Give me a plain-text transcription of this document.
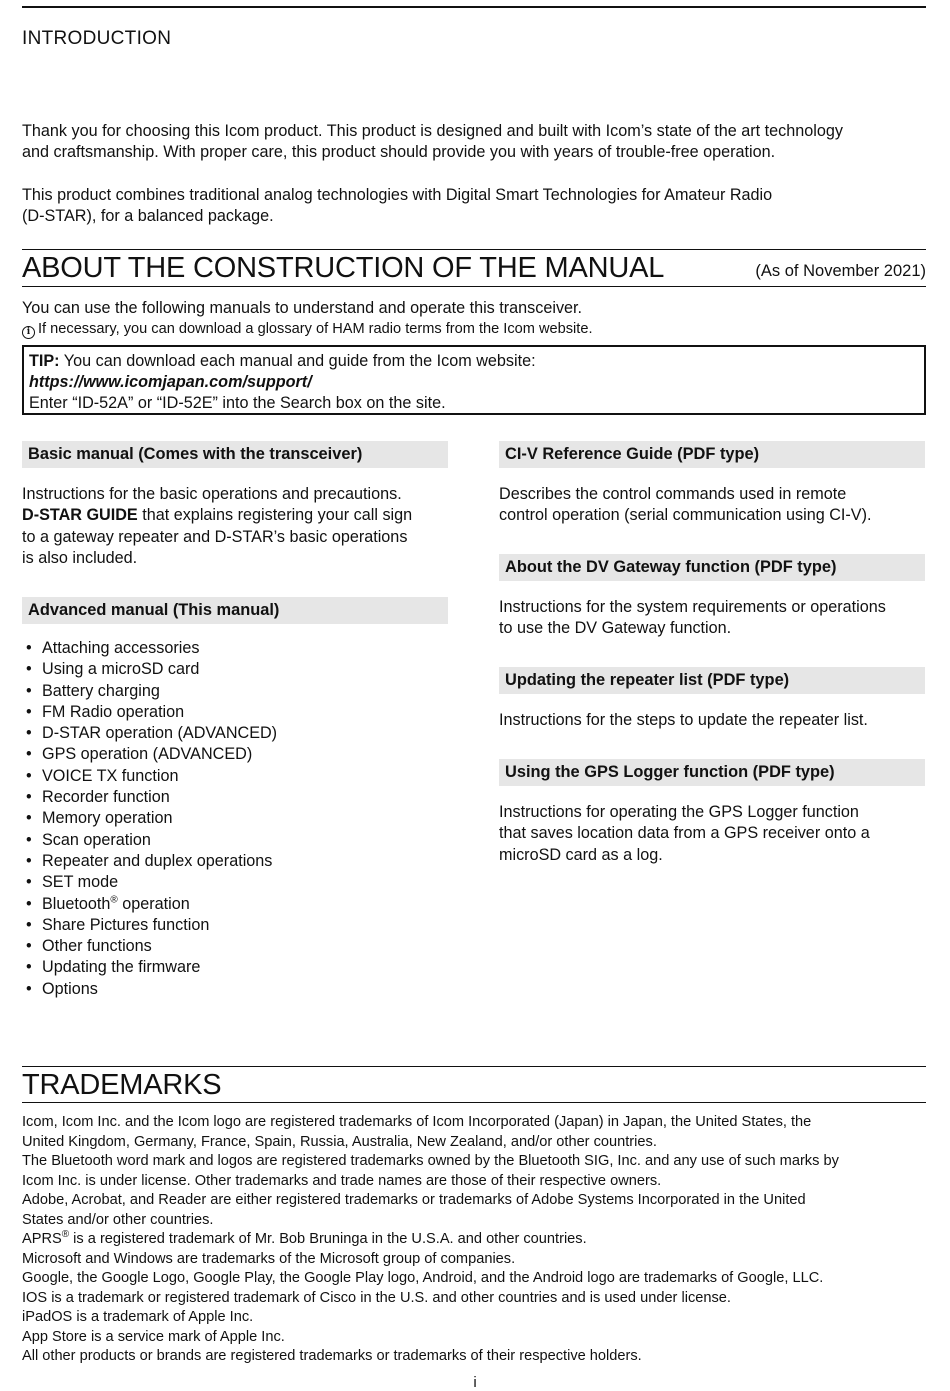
INTRODUCTION
Thank you for choosing this Icom product. This product is designed and built with Icom’s state of the art technology
and craftsmanship. With proper care, this product should provide you with years of trouble-free operation.
This product combines traditional analog technologies with Digital Smart Technologies for Amateur Radio
(D-STAR), for a balanced package.
ABOUT THE CONSTRUCTION OF THE MANUAL	(As of November 2021)
You can use the following manuals to understand and operate this transceiver.
i If necessary, you can download a glossary of HAM radio terms from the Icom website.
TIP: You can download each manual and guide from the Icom website:
https://www.icomjapan.com/support/
Enter “ID-52A” or “ID-52E” into the Search box on the site.
Basic manual (Comes with the transceiver)
Instructions for the basic operations and precautions.
D-STAR GUIDE that explains registering your call sign
to a gateway repeater and D-STAR’s basic operations
is also included.
Advanced manual (This manual)
• Attaching accessories
• Using a microSD card
• Battery charging
• FM Radio operation
• D-STAR operation (ADVANCED)
• GPS operation (ADVANCED)
• VOICE TX function
• Recorder function
• Memory operation
• Scan operation
• Repeater and duplex operations
• SET mode
• Bluetooth® operation
• Share Pictures function
• Other functions
• Updating the firmware
• Options
CI-V Reference Guide (PDF type)
Describes the control commands used in remote
control operation (serial communication using CI-V).
About the DV Gateway function (PDF type)
Instructions for the system requirements or operations
to use the DV Gateway function.
Updating the repeater list (PDF type)
Instructions for the steps to update the repeater list.
Using the GPS Logger function (PDF type)
Instructions for operating the GPS Logger function
that saves location data from a GPS receiver onto a
microSD card as a log.
TRADEMARKS
Icom, Icom Inc. and the Icom logo are registered trademarks of Icom Incorporated (Japan) in Japan, the United States, the
United Kingdom, Germany, France, Spain, Russia, Australia, New Zealand, and/or other countries.
The Bluetooth word mark and logos are registered trademarks owned by the Bluetooth SIG, Inc. and any use of such marks by
Icom Inc. is under license. Other trademarks and trade names are those of their respective owners.
Adobe, Acrobat, and Reader are either registered trademarks or trademarks of Adobe Systems Incorporated in the United
States and/or other countries.
APRS® is a registered trademark of Mr. Bob Bruninga in the U.S.A. and other countries.
Microsoft and Windows are trademarks of the Microsoft group of companies.
Google, the Google Logo, Google Play, the Google Play logo, Android, and the Android logo are trademarks of Google, LLC.
IOS is a trademark or registered trademark of Cisco in the U.S. and other countries and is used under license.
iPadOS is a trademark of Apple Inc.
App Store is a service mark of Apple Inc.
All other products or brands are registered trademarks or trademarks of their respective holders.
i
